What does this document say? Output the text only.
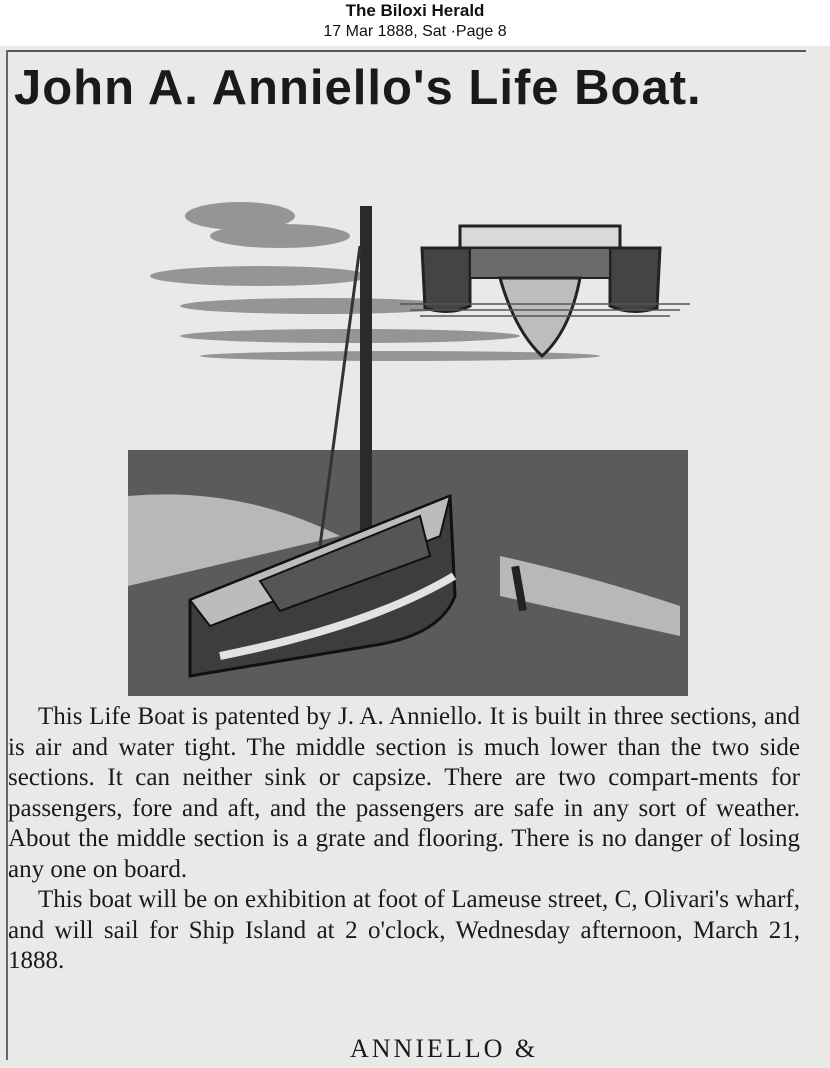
The Biloxi Herald
17 Mar 1888, Sat ·Page 8
John A. Anniello's Life Boat.

This Life Boat is patented by J. A. Anniello. It is built in three sections, and is air and water tight. The middle section is much lower than the two side sections. It can neither sink or capsize. There are two compart-ments for passengers, fore and aft, and the passengers are safe in any sort of weather. About the middle section is a grate and flooring. There is no danger of losing any one on board.

This boat will be on exhibition at foot of Lameuse street, C, Olivari's wharf, and will sail for Ship Island at 2 o'clock, Wednesday afternoon, March 21, 1888.

ANNIELLO &
